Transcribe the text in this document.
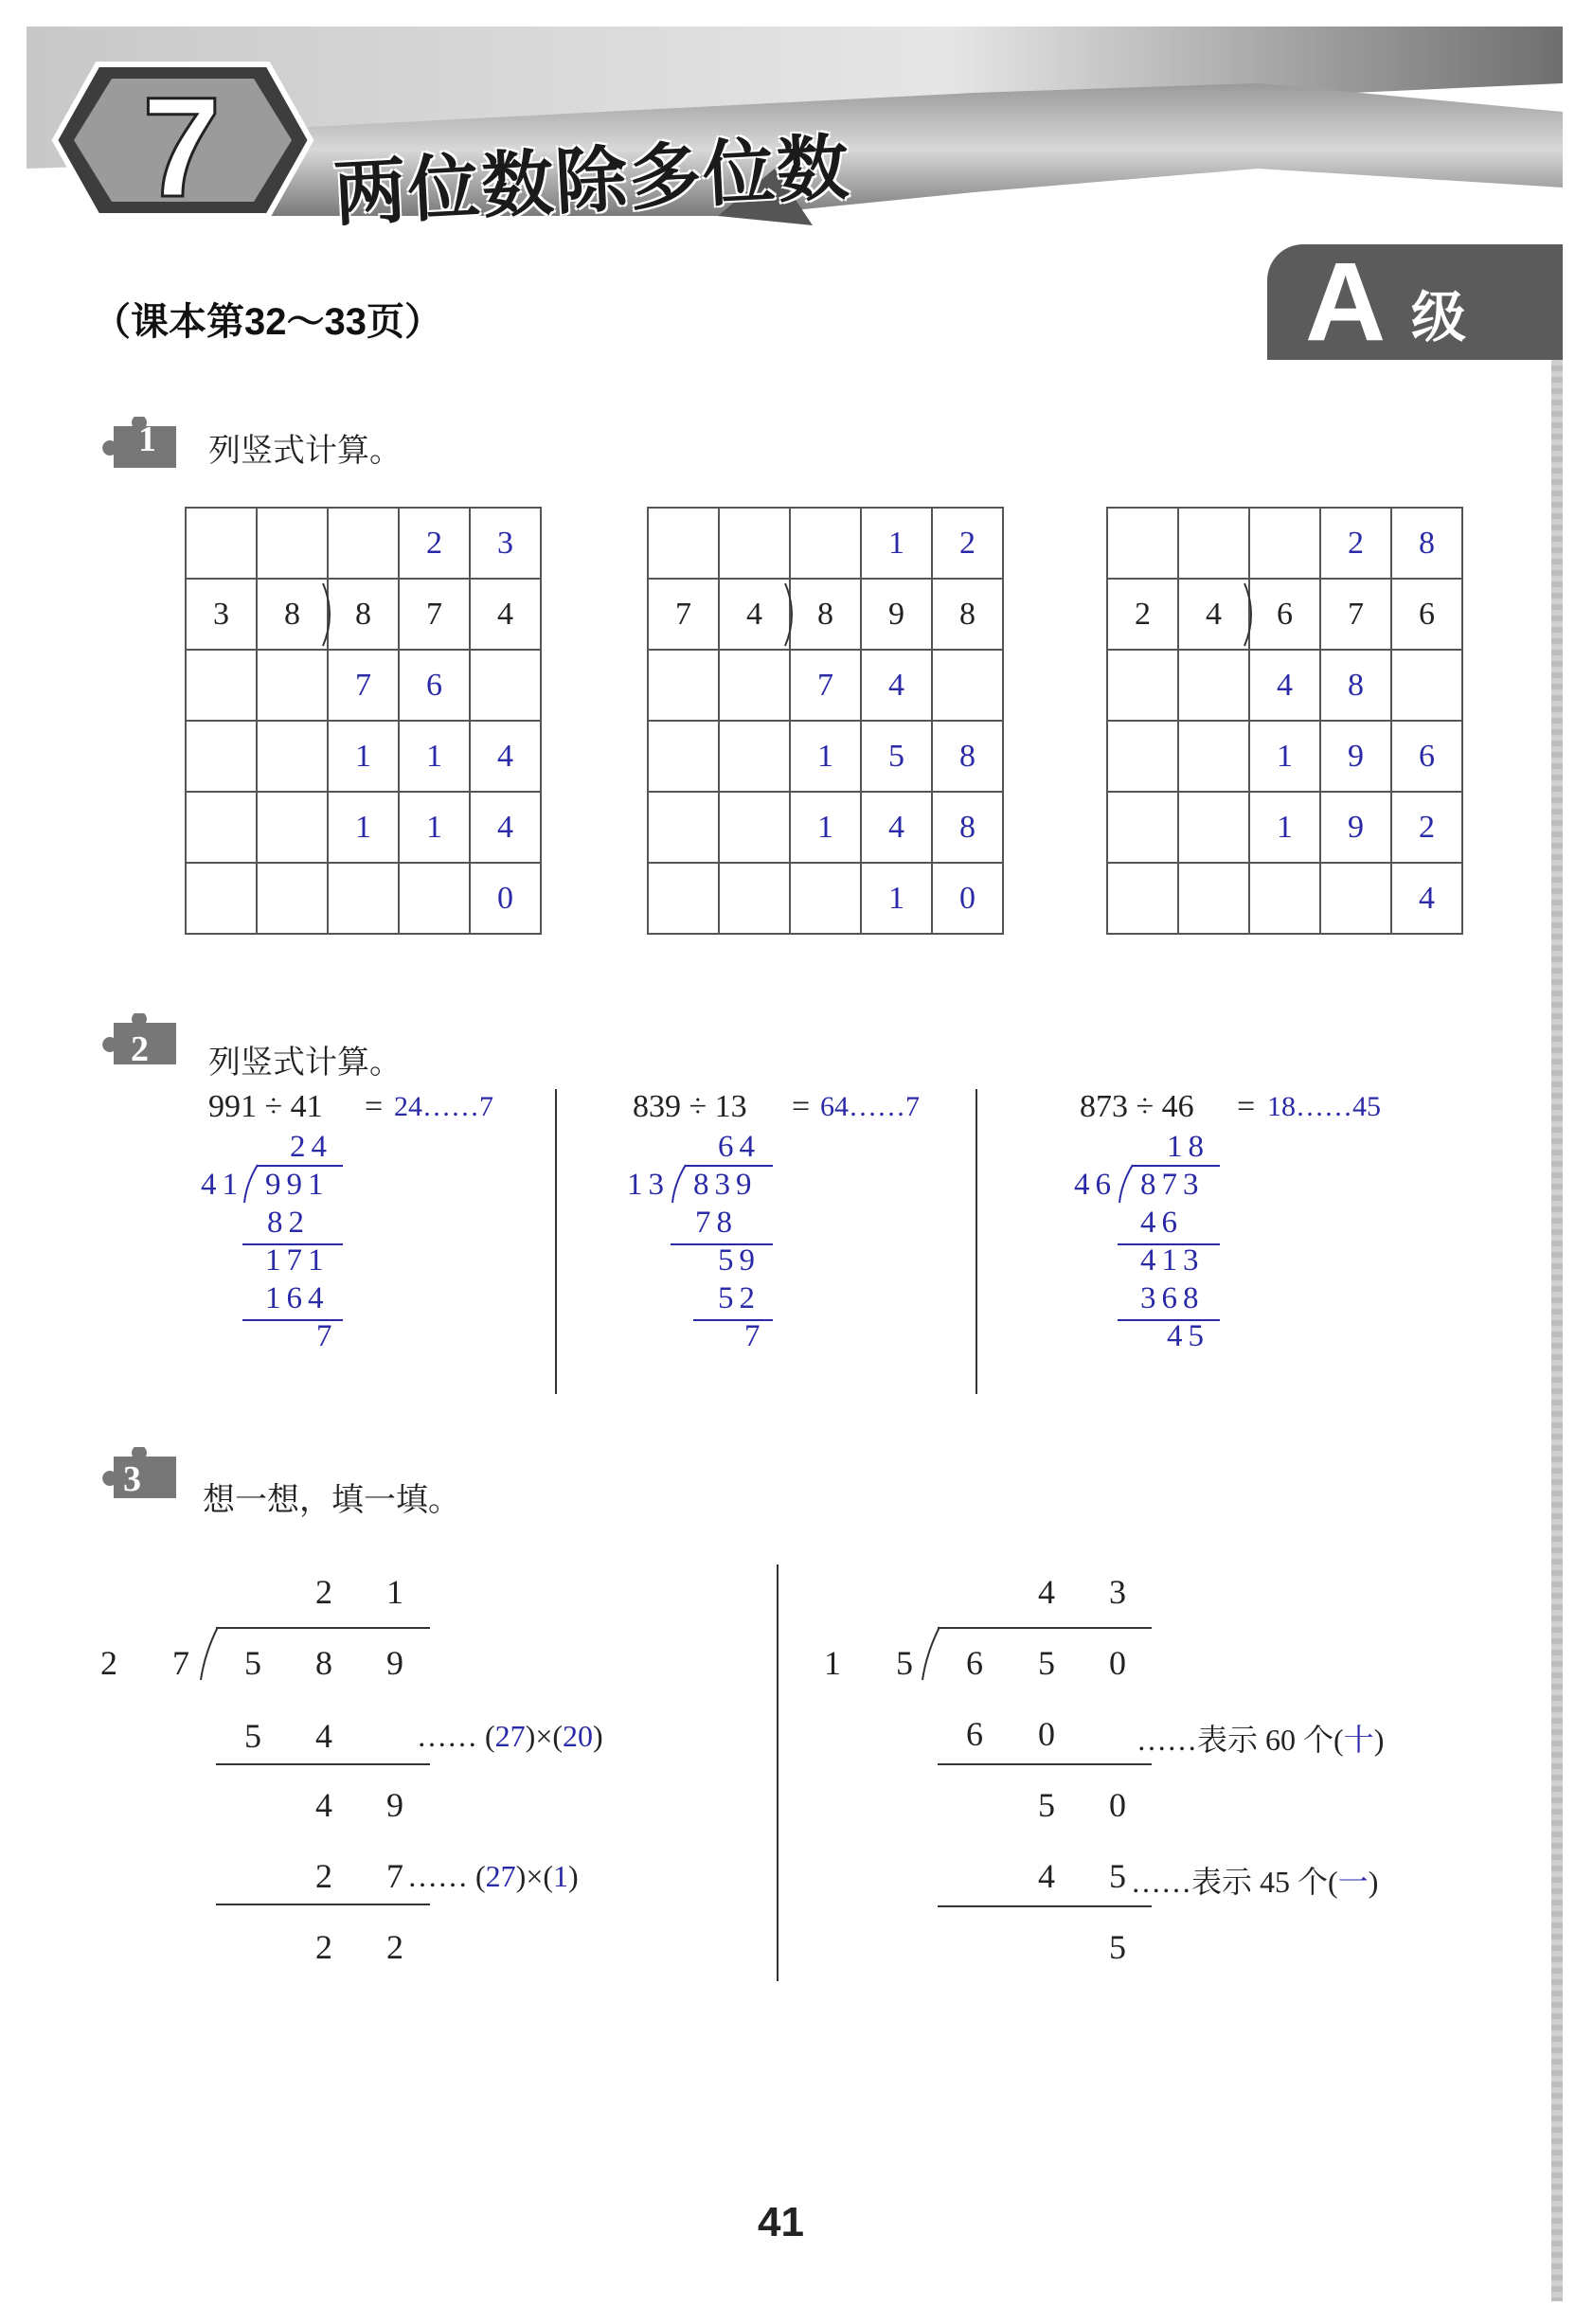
7 两位数除多位数
（课本第32～33页）	A 级
1 列竖式计算。
			2	3
3	8	8	7	4
		7	6	
		1	1	4
		1	1	4
				0
			1	2
7	4	8	9	8
		7	4	
		1	5	8
		1	4	8
			1	0
			2	8
2	4	6	7	6
		4	8	
		1	9	6
		1	9	2
				4
2 列竖式计算。
991 ÷ 41 = 24……7
24
41 991
82
171
164
7
839 ÷ 13 = 64……7
64
13 839
78
59
52
7
873 ÷ 46 = 18……45
18
46 873
46
413
368
45
3
想一想，填一填。
2 1
2 7 5 8 9
5 4	…… (27)×(20)
4 9
2 7 …… (27)×(1)
2 2
4 3
1 5 6 5 0
6 0	……表示 60 个(十)
5 0
4 5 ……表示 45 个(一)
5
41
